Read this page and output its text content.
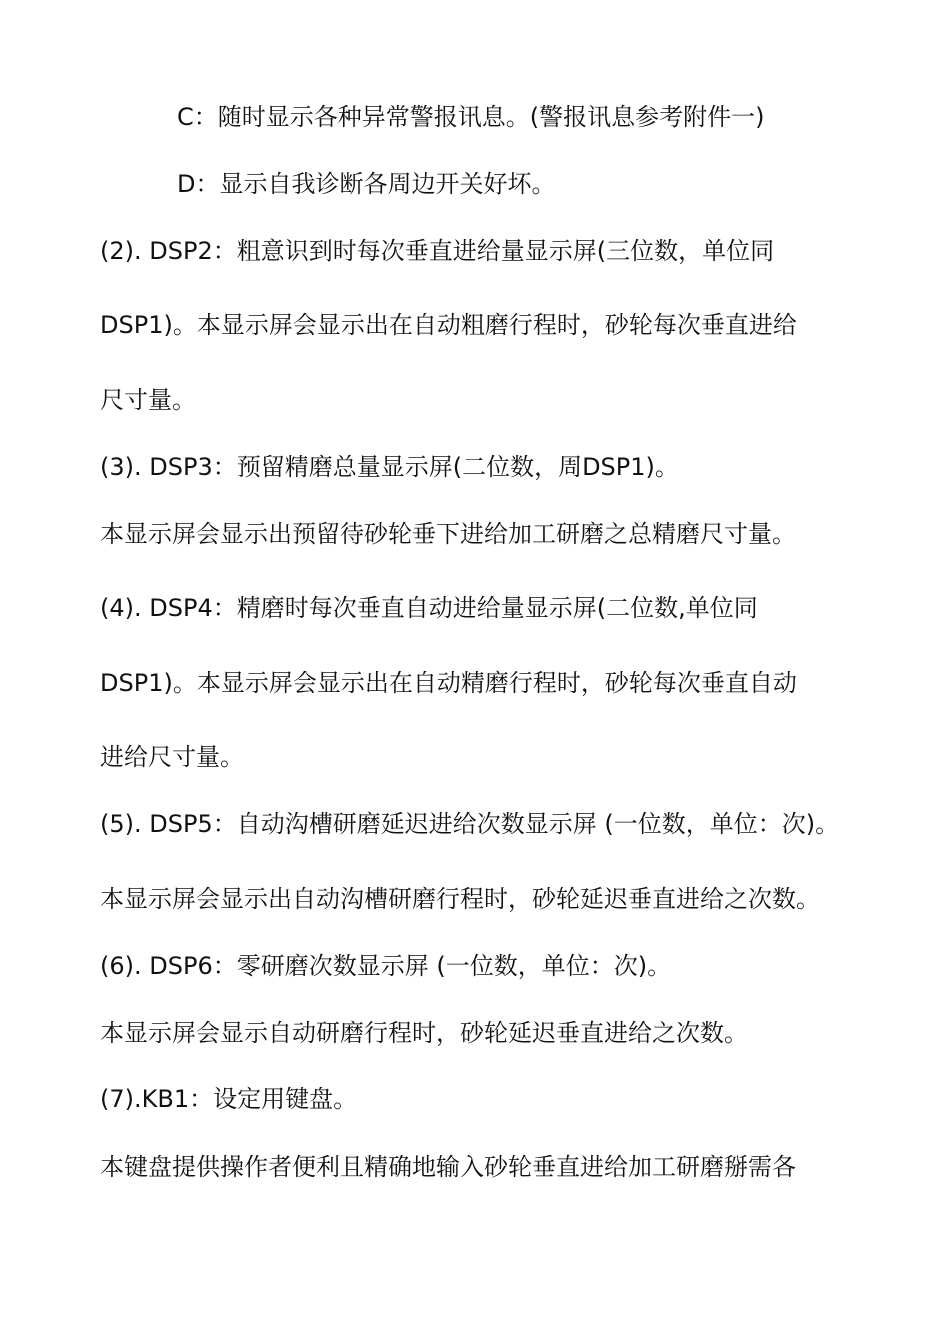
C：随时显示各种异常警报讯息。(警报讯息参考附件一)
D：显示自我诊断各周边开关好坏。
(2). DSP2：粗意识到时每次垂直进给量显示屏(三位数，单位同
DSP1)。本显示屏会显示出在自动粗磨行程时，砂轮每次垂直进给
尺寸量。
(3). DSP3：预留精磨总量显示屏(二位数，周DSP1)。
本显示屏会显示出预留待砂轮垂下进给加工研磨之总精磨尺寸量。
(4). DSP4：精磨时每次垂直自动进给量显示屏(二位数,单位同
DSP1)。本显示屏会显示出在自动精磨行程时，砂轮每次垂直自动
进给尺寸量。
(5). DSP5：自动沟槽研磨延迟进给次数显示屏 (一位数，单位：次)。
本显示屏会显示出自动沟槽研磨行程时，砂轮延迟垂直进给之次数。
(6). DSP6：零研磨次数显示屏 (一位数，单位：次)。
本显示屏会显示自动研磨行程时，砂轮延迟垂直进给之次数。
(7).KB1：设定用键盘。
本键盘提供操作者便利且精确地输入砂轮垂直进给加工研磨掰需各
